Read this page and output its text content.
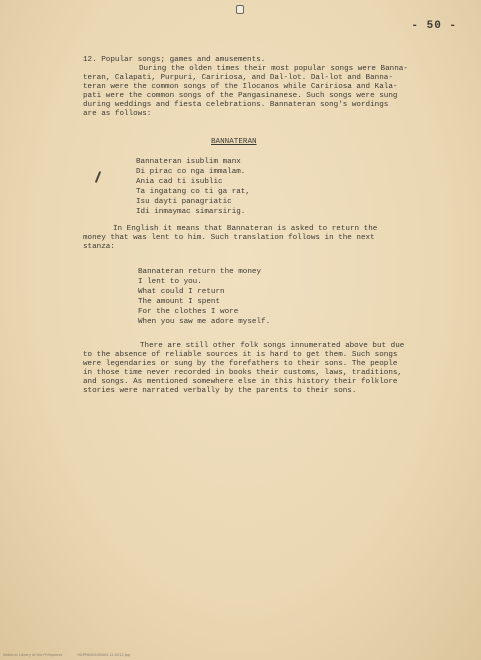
- 50 -
12. Popular songs; games and amusements.
During the olden times their most popular songs were Banna-
teran, Calapati, Purpuri, Caririosa, and Dal-lot. Dal-lot and Banna-
teran were the common songs of the Ilocanos while Caririosa and Kala-
pati were the common songs of the Pangasinanese. Such songs were sung
during weddings and fiesta celebrations. Bannateran song's wordings
are as follows:
BANNATERAN
Bannateran isublim manx
Di pirac co nga immalam.
Ania cad ti isublic
Ta ingatang co ti ga rat,
Isu dayti panagriatic
Idi inmaymac simarsirig.
In English it means that Bannateran is asked to return the
money that was lent to him. Such translation follows in the next
stanza:
Bannateran return the money
I lent to you.
What could I return
The amount I spent
For the clothes I wore
When you saw me adore myself.
There are still other folk songs innumerated above but due
to the absence of reliable sources it is hard to get them. Such songs
were legendaries or sung by the forefathers to their sons. The people
in those time never recorded in books their customs, laws, traditions,
and songs. As mentioned somewhere else in this history their folklore
stories were narrated verbally by the parents to their sons.
National Library of the Philippines	HDPPANGASINAN-12-0012.jpg
